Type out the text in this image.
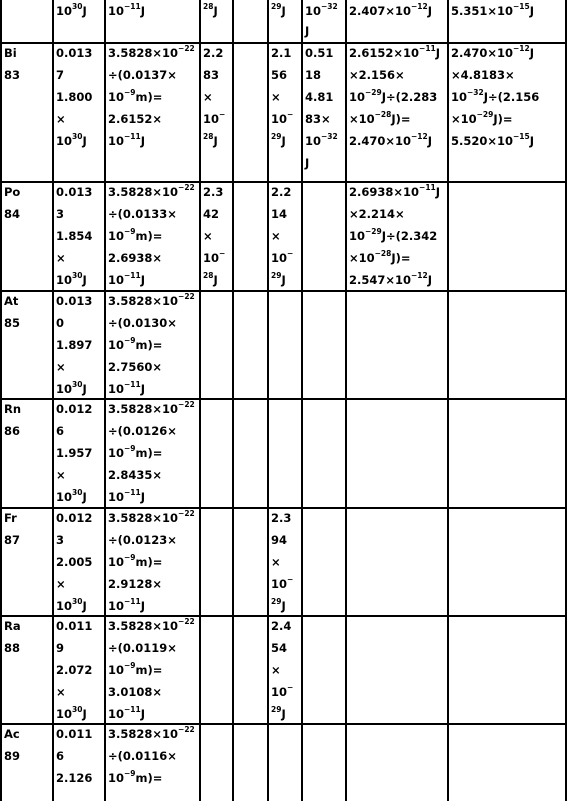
$10^{30}J$ $10^{-11}J$	$^{28}$J	$^{29}$J $10^{-32}$
J
$2.407\times 10^{-12}J$ $5.351\times 10^{-15}J$
Bi
83
0.013
7
1.800
×
$10^{30}J$
$3.5828\times 10^{-22}$
÷(0.0137×
$10^{-9}m)=$
2.6152×
$10^{-11}J$
2.2
83
×
10−
$^{28}$J
2.1
56
×
10−
$^{29}$J
0.51
18
4.81
83×
$10^{-32}$
J
$2.6152\times 10^{-11}J$
×2.156×
$10^{-29}J\div(2.283$
$\times 10^{-28}J)=$
$2.470\times 10^{-12}J$
$2.470\times 10^{-12}J$
×4.8183×
$10^{-32}J\div(2.156$
$\times 10^{-29}J)=$
$5.520\times 10^{-15}J$
Po
84
0.013
3
1.854
×
$10^{30}J$
$3.5828\times 10^{-22}$
÷(0.0133×
$10^{-9}m)=$
2.6938×
$10^{-11}J$
2.3
42
×
10−
$^{28}$J
2.2
14
×
10−
$^{29}$J
$2.6938\times 10^{-11}J$
×2.214×
$10^{-29}J\div(2.342$
$\times 10^{-28}J)=$
$2.547\times 10^{-12}J$
At
85
0.013
0
1.897
×
$10^{30}J$
$3.5828\times 10^{-22}$
÷(0.0130×
$10^{-9}m)=$
2.7560×
$10^{-11}J$
Rn
86
0.012
6
1.957
×
$10^{30}J$
$3.5828\times 10^{-22}$
÷(0.0126×
$10^{-9}m)=$
2.8435×
$10^{-11}J$
Fr
87
0.012
3
2.005
×
$10^{30}J$
$3.5828\times 10^{-22}$
÷(0.0123×
$10^{-9}m)=$
2.9128×
$10^{-11}J$
2.3
94
×
10−
$^{29}$J
Ra
88
0.011
9
2.072
×
$10^{30}J$
$3.5828\times 10^{-22}$
÷(0.0119×
$10^{-9}m)=$
3.0108×
$10^{-11}J$
2.4
54
×
10−
$^{29}$J
Ac
89
0.011
6
2.126
$3.5828\times 10^{-22}$
÷(0.0116×
$10^{-9}m)=$
